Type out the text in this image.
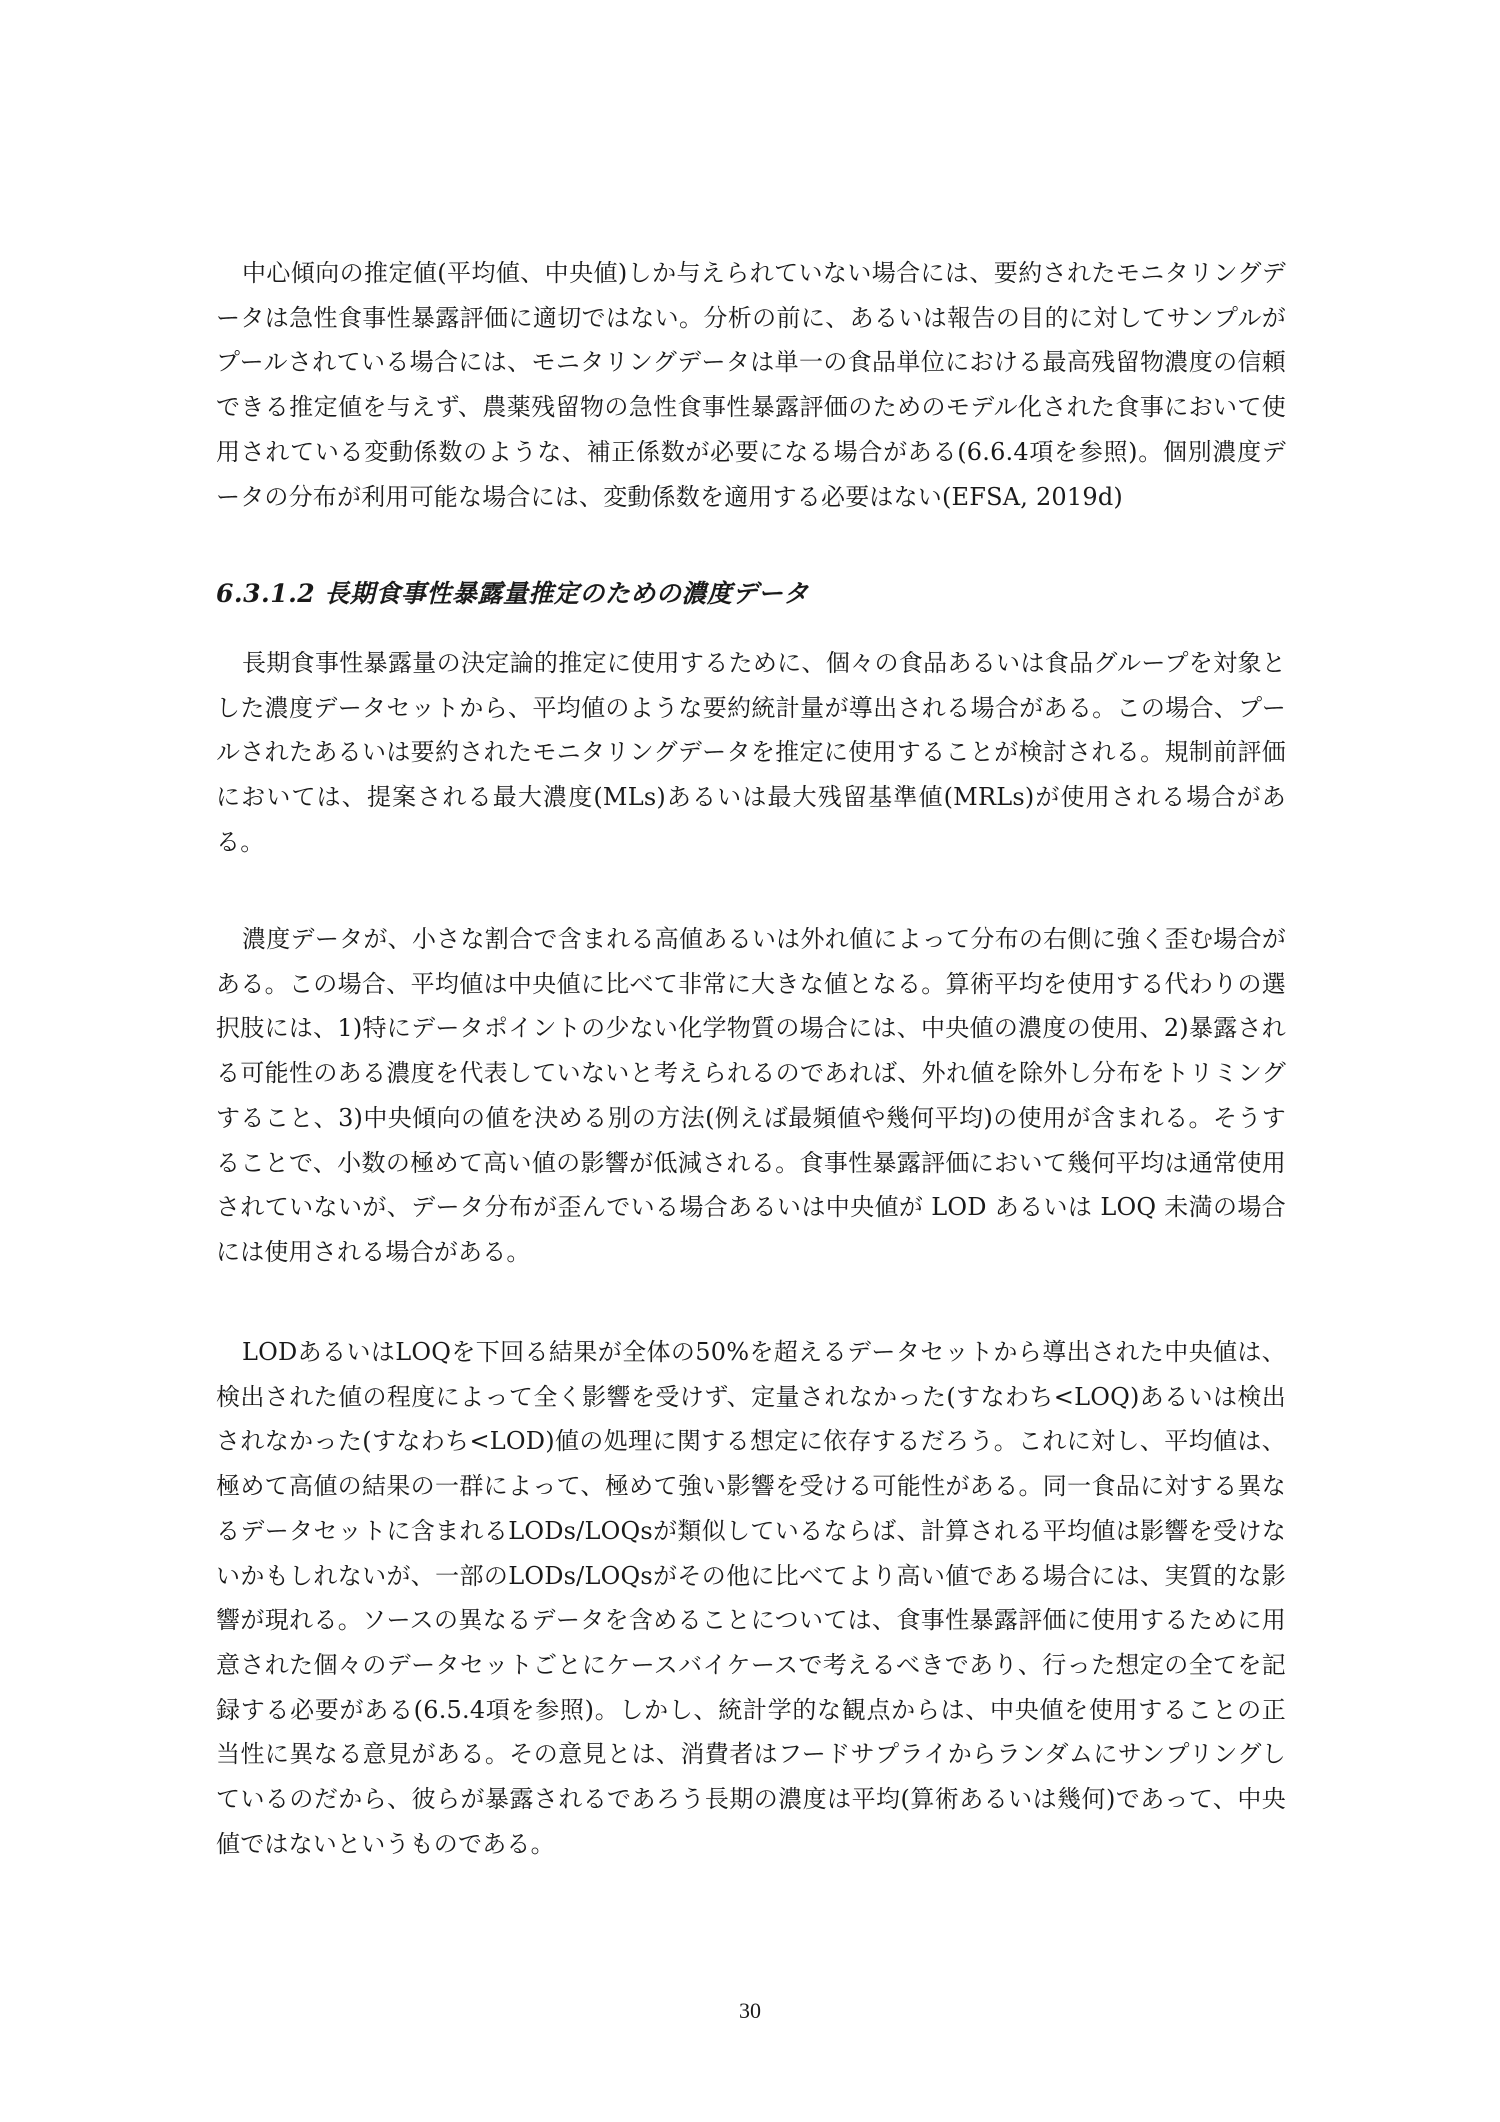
中心傾向の推定値(平均値、中央値)しか与えられていない場合には、要約されたモニタリングデータは急性食事性暴露評価に適切ではない。分析の前に、あるいは報告の目的に対してサンプルがプールされている場合には、モニタリングデータは単一の食品単位における最高残留物濃度の信頼できる推定値を与えず、農薬残留物の急性食事性暴露評価のためのモデル化された食事において使用されている変動係数のような、補正係数が必要になる場合がある(6.6.4項を参照)。個別濃度データの分布が利用可能な場合には、変動係数を適用する必要はない(EFSA, 2019d)

6.3.1.2 長期食事性暴露量推定のための濃度データ

長期食事性暴露量の決定論的推定に使用するために、個々の食品あるいは食品グループを対象とした濃度データセットから、平均値のような要約統計量が導出される場合がある。この場合、プールされたあるいは要約されたモニタリングデータを推定に使用することが検討される。規制前評価においては、提案される最大濃度(MLs)あるいは最大残留基準値(MRLs)が使用される場合がある。

濃度データが、小さな割合で含まれる高値あるいは外れ値によって分布の右側に強く歪む場合がある。この場合、平均値は中央値に比べて非常に大きな値となる。算術平均を使用する代わりの選択肢には、1)特にデータポイントの少ない化学物質の場合には、中央値の濃度の使用、2)暴露される可能性のある濃度を代表していないと考えられるのであれば、外れ値を除外し分布をトリミングすること、3)中央傾向の値を決める別の方法(例えば最頻値や幾何平均)の使用が含まれる。そうすることで、小数の極めて高い値の影響が低減される。食事性暴露評価において幾何平均は通常使用されていないが、データ分布が歪んでいる場合あるいは中央値が LOD あるいは LOQ 未満の場合には使用される場合がある。

LODあるいはLOQを下回る結果が全体の50%を超えるデータセットから導出された中央値は、検出された値の程度によって全く影響を受けず、定量されなかった(すなわち<LOQ)あるいは検出されなかった(すなわち<LOD)値の処理に関する想定に依存するだろう。これに対し、平均値は、極めて高値の結果の一群によって、極めて強い影響を受ける可能性がある。同一食品に対する異なるデータセットに含まれるLODs/LOQsが類似しているならば、計算される平均値は影響を受けないかもしれないが、一部のLODs/LOQsがその他に比べてより高い値である場合には、実質的な影響が現れる。ソースの異なるデータを含めることについては、食事性暴露評価に使用するために用意された個々のデータセットごとにケースバイケースで考えるべきであり、行った想定の全てを記録する必要がある(6.5.4項を参照)。しかし、統計学的な観点からは、中央値を使用することの正当性に異なる意見がある。その意見とは、消費者はフードサプライからランダムにサンプリングしているのだから、彼らが暴露されるであろう長期の濃度は平均(算術あるいは幾何)であって、中央値ではないというものである。

30
